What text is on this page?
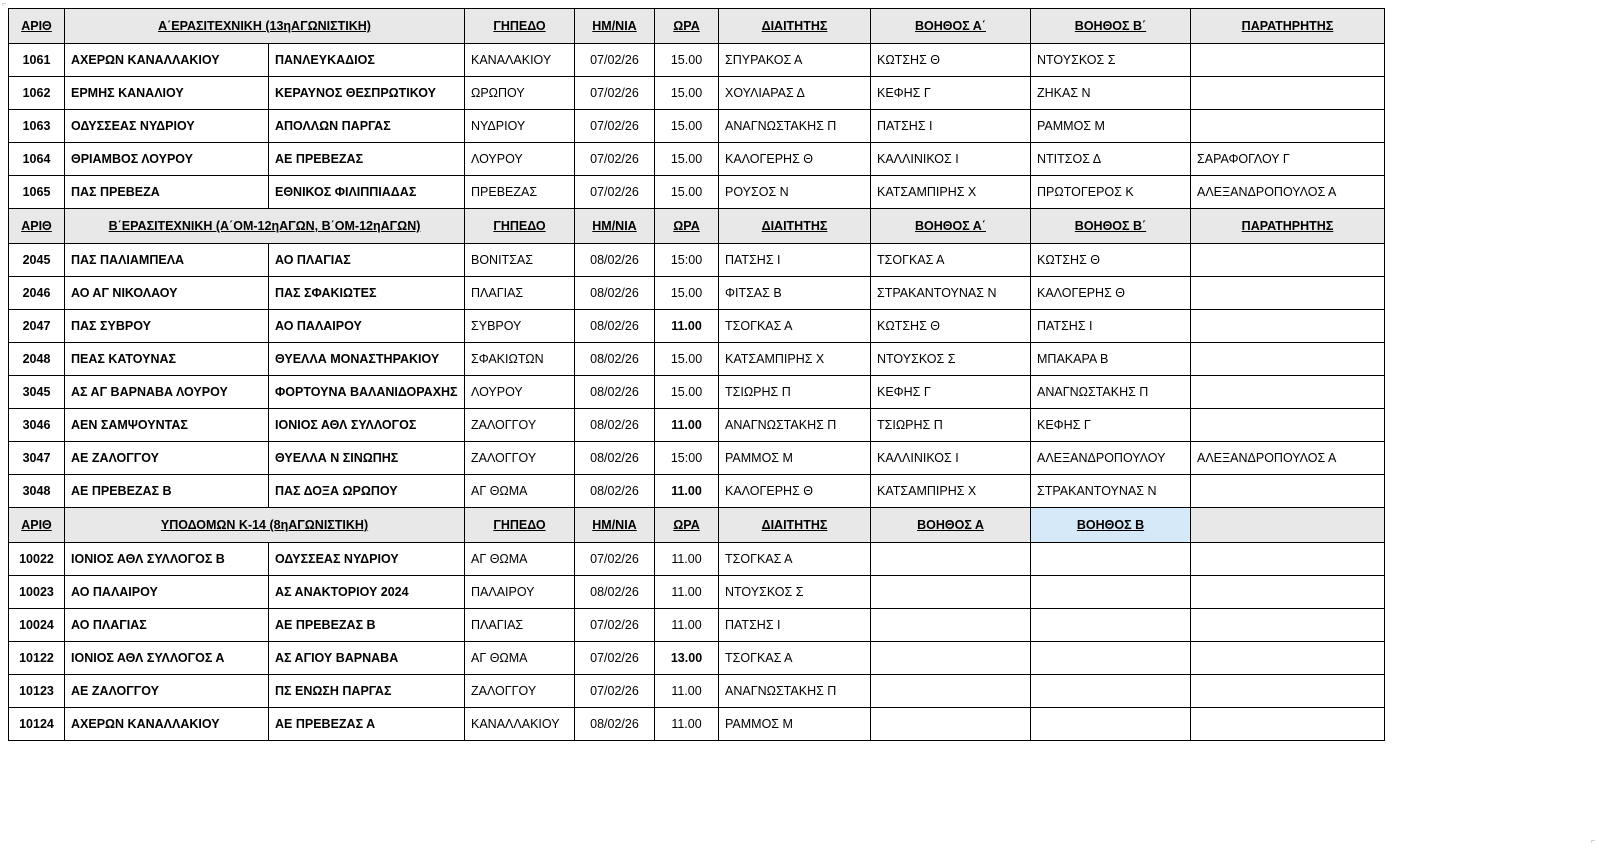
⌐
⌐
ΑΡΙΘ	Α΄ΕΡΑΣΙΤΕΧΝΙΚΗ (13ηΑΓΩΝΙΣΤΙΚΗ)		ΓΗΠΕΔΟ	ΗΜ/ΝΙΑ	ΩΡΑ	ΔΙΑΙΤΗΤΗΣ	ΒΟΗΘΟΣ Α΄	ΒΟΗΘΟΣ Β΄	ΠΑΡΑΤΗΡΗΤΗΣ
1061	ΑΧΕΡΩΝ ΚΑΝΑΛΛΑΚΙΟΥ	ΠΑΝΛΕΥΚΑΔΙΟΣ	ΚΑΝΑΛΑΚΙΟΥ	07/02/26	15.00	ΣΠΥΡΑΚΟΣ Α	ΚΩΤΣΗΣ Θ	ΝΤΟΥΣΚΟΣ Σ	
1062	ΕΡΜΗΣ ΚΑΝΑΛΙΟΥ	ΚΕΡΑΥΝΟΣ ΘΕΣΠΡΩΤΙΚΟΥ	ΩΡΩΠΟΥ	07/02/26	15.00	ΧΟΥΛΙΑΡΑΣ Δ	ΚΕΦΗΣ Γ	ΖΗΚΑΣ Ν	
1063	ΟΔΥΣΣΕΑΣ ΝΥΔΡΙΟΥ	ΑΠΟΛΛΩΝ ΠΑΡΓΑΣ	ΝΥΔΡΙΟΥ	07/02/26	15.00	ΑΝΑΓΝΩΣΤΑΚΗΣ Π	ΠΑΤΣΗΣ Ι	ΡΑΜΜΟΣ Μ	
1064	ΘΡΙΑΜΒΟΣ ΛΟΥΡΟΥ	ΑΕ ΠΡΕΒΕΖΑΣ	ΛΟΥΡΟΥ	07/02/26	15.00	ΚΑΛΟΓΕΡΗΣ Θ	ΚΑΛΛΙΝΙΚΟΣ Ι	ΝΤΙΤΣΟΣ Δ	ΣΑΡΑΦΟΓΛΟΥ Γ
1065	ΠΑΣ ΠΡΕΒΕΖΑ	ΕΘΝΙΚΟΣ ΦΙΛΙΠΠΙΑΔΑΣ	ΠΡΕΒΕΖΑΣ	07/02/26	15.00	ΡΟΥΣΟΣ Ν	ΚΑΤΣΑΜΠΙΡΗΣ Χ	ΠΡΩΤΟΓΕΡΟΣ Κ	ΑΛΕΞΑΝΔΡΟΠΟΥΛΟΣ Α
ΑΡΙΘ	Β΄ΕΡΑΣΙΤΕΧΝΙΚΗ (Α΄ΟΜ-12ηΑΓΩΝ, Β΄ΟΜ-12ηΑΓΩΝ)		ΓΗΠΕΔΟ	ΗΜ/ΝΙΑ	ΩΡΑ	ΔΙΑΙΤΗΤΗΣ	ΒΟΗΘΟΣ Α΄	ΒΟΗΘΟΣ Β΄	ΠΑΡΑΤΗΡΗΤΗΣ
2045	ΠΑΣ ΠΑΛΙΑΜΠΕΛΑ	ΑΟ ΠΛΑΓΙΑΣ	ΒΟΝΙΤΣΑΣ	08/02/26	15:00	ΠΑΤΣΗΣ Ι	ΤΣΟΓΚΑΣ Α	ΚΩΤΣΗΣ Θ	
2046	ΑΟ ΑΓ ΝΙΚΟΛΑΟΥ	ΠΑΣ ΣΦΑΚΙΩΤΕΣ	ΠΛΑΓΙΑΣ	08/02/26	15.00	ΦΙΤΣΑΣ Β	ΣΤΡΑΚΑΝΤΟΥΝΑΣ Ν	ΚΑΛΟΓΕΡΗΣ Θ	
2047	ΠΑΣ ΣΥΒΡΟΥ	ΑΟ ΠΑΛΑΙΡΟΥ	ΣΥΒΡΟΥ	08/02/26	11.00	ΤΣΟΓΚΑΣ Α	ΚΩΤΣΗΣ Θ	ΠΑΤΣΗΣ Ι	
2048	ΠΕΑΣ ΚΑΤΟΥΝΑΣ	ΘΥΕΛΛΑ ΜΟΝΑΣΤΗΡΑΚΙΟΥ	ΣΦΑΚΙΩΤΩΝ	08/02/26	15.00	ΚΑΤΣΑΜΠΙΡΗΣ Χ	ΝΤΟΥΣΚΟΣ Σ	ΜΠΑΚΑΡΑ Β	
3045	ΑΣ ΑΓ ΒΑΡΝΑΒΑ ΛΟΥΡΟΥ	ΦΟΡΤΟΥΝΑ ΒΑΛΑΝΙΔΟΡΑΧΗΣ	ΛΟΥΡΟΥ	08/02/26	15.00	ΤΣΙΩΡΗΣ Π	ΚΕΦΗΣ Γ	ΑΝΑΓΝΩΣΤΑΚΗΣ Π	
3046	ΑΕΝ ΣΑΜΨΟΥΝΤΑΣ	ΙΟΝΙΟΣ ΑΘΛ ΣΥΛΛΟΓΟΣ	ΖΑΛΟΓΓΟΥ	08/02/26	11.00	ΑΝΑΓΝΩΣΤΑΚΗΣ Π	ΤΣΙΩΡΗΣ Π	ΚΕΦΗΣ Γ	
3047	ΑΕ ΖΑΛΟΓΓΟΥ	ΘΥΕΛΛΑ Ν ΣΙΝΩΠΗΣ	ΖΑΛΟΓΓΟΥ	08/02/26	15:00	ΡΑΜΜΟΣ Μ	ΚΑΛΛΙΝΙΚΟΣ Ι	ΑΛΕΞΑΝΔΡΟΠΟΥΛΟΥ	ΑΛΕΞΑΝΔΡΟΠΟΥΛΟΣ Α
3048	ΑΕ ΠΡΕΒΕΖΑΣ Β	ΠΑΣ ΔΟΞΑ ΩΡΩΠΟΥ	ΑΓ ΘΩΜΑ	08/02/26	11.00	ΚΑΛΟΓΕΡΗΣ Θ	ΚΑΤΣΑΜΠΙΡΗΣ Χ	ΣΤΡΑΚΑΝΤΟΥΝΑΣ Ν	
ΑΡΙΘ	ΥΠΟΔΟΜΩΝ Κ-14 (8ηΑΓΩΝΙΣΤΙΚΗ)		ΓΗΠΕΔΟ	ΗΜ/ΝΙΑ	ΩΡΑ	ΔΙΑΙΤΗΤΗΣ	ΒΟΗΘΟΣ Α	ΒΟΗΘΟΣ Β	
10022	ΙΟΝΙΟΣ ΑΘΛ ΣΥΛΛΟΓΟΣ Β	ΟΔΥΣΣΕΑΣ ΝΥΔΡΙΟΥ	ΑΓ ΘΩΜΑ	07/02/26	11.00	ΤΣΟΓΚΑΣ Α			
10023	ΑΟ ΠΑΛΑΙΡΟΥ	ΑΣ ΑΝΑΚΤΟΡΙΟΥ 2024	ΠΑΛΑΙΡΟΥ	08/02/26	11.00	ΝΤΟΥΣΚΟΣ Σ			
10024	ΑΟ ΠΛΑΓΙΑΣ	ΑΕ ΠΡΕΒΕΖΑΣ Β	ΠΛΑΓΙΑΣ	07/02/26	11.00	ΠΑΤΣΗΣ Ι			
10122	ΙΟΝΙΟΣ ΑΘΛ ΣΥΛΛΟΓΟΣ Α	ΑΣ ΑΓΙΟΥ ΒΑΡΝΑΒΑ	ΑΓ ΘΩΜΑ	07/02/26	13.00	ΤΣΟΓΚΑΣ Α			
10123	ΑΕ ΖΑΛΟΓΓΟΥ	ΠΣ ΕΝΩΣΗ ΠΑΡΓΑΣ	ΖΑΛΟΓΓΟΥ	07/02/26	11.00	ΑΝΑΓΝΩΣΤΑΚΗΣ Π			
10124	ΑΧΕΡΩΝ ΚΑΝΑΛΛΑΚΙΟΥ	ΑΕ ΠΡΕΒΕΖΑΣ Α	ΚΑΝΑΛΛΑΚΙΟΥ	08/02/26	11.00	ΡΑΜΜΟΣ Μ			
